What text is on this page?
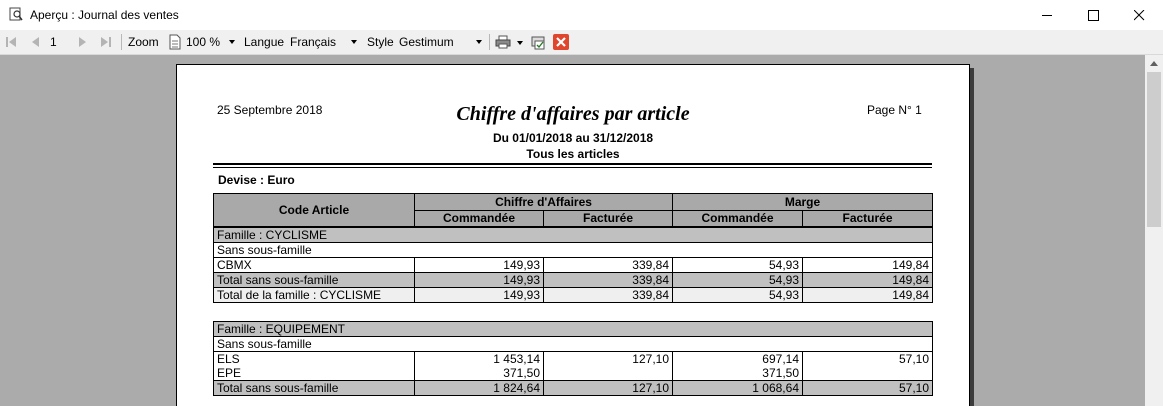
Aperçu : Journal des ventes
1	Zoom 100 %	Langue Français	Style Gestimum
25 Septembre 2018	Chiffre d'affaires par article	Page N° 1
Du 01/01/2018 au 31/12/2018
Tous les articles
Devise : Euro
Code Article
Chiffre d'Affaires	Marge
Commandée	Facturée	Commandée	Facturée
Famille : CYCLISME				
Sans sous-famille				
CBMX	149,93	339,84	54,93	149,84
Total sans sous-famille	149,93	339,84	54,93	149,84
Total de la famille : CYCLISME	149,93	339,84	54,93	149,84
Famille : EQUIPEMENT				
Sans sous-famille				
ELS	1 453,14	127,10	697,14	57,10
EPE	371,50		371,50	
Total sans sous-famille	1 824,64	127,10	1 068,64	57,10
